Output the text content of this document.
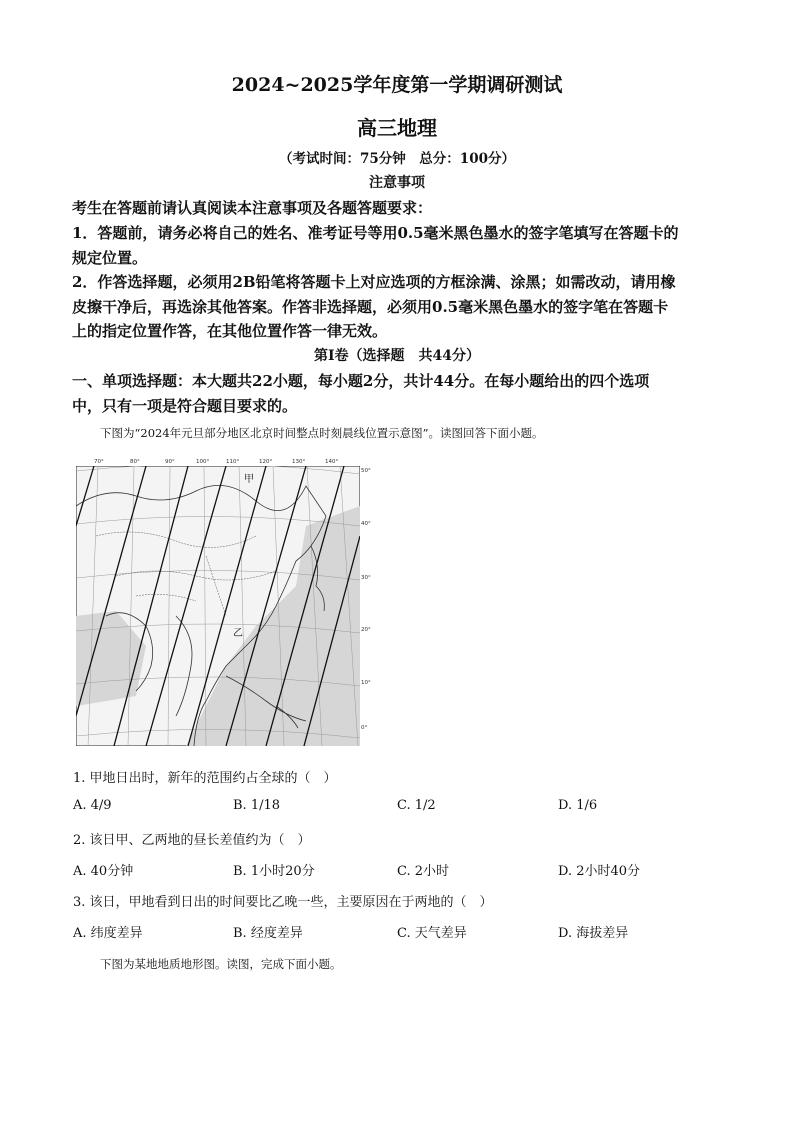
2024~2025学年度第一学期调研测试
高三地理
（考试时间：75分钟　总分：100分）
注意事项
考生在答题前请认真阅读本注意事项及各题答题要求：
1．答题前，请务必将自己的姓名、准考证号等用0.5毫米黑色墨水的签字笔填写在答题卡的
规定位置。
2．作答选择题，必须用2B铅笔将答题卡上对应选项的方框涂满、涂黑；如需改动，请用橡
皮擦干净后，再选涂其他答案。作答非选择题，必须用0.5毫米黑色墨水的签字笔在答题卡
上的指定位置作答，在其他位置作答一律无效。
第Ⅰ卷（选择题　共44分）
一、单项选择题：本大题共22小题，每小题2分，共计44分。在每小题给出的四个选项
中，只有一项是符合题目要求的。
下图为“2024年元旦部分地区北京时间整点时刻晨线位置示意图”。读图回答下面小题。
甲
乙
70°	80°	90°	100°	110°	120°	130°	140°
50°
40°
30°
20°
10°
0°
1. 甲地日出时，新年的范围约占全球的（　）
A. 4/9	B. 1/18	C. 1/2	D. 1/6
2. 该日甲、乙两地的昼长差值约为（　）
A. 40分钟	B. 1小时20分	C. 2小时	D. 2小时40分
3. 该日，甲地看到日出的时间要比乙晚一些，主要原因在于两地的（　）
A. 纬度差异	B. 经度差异	C. 天气差异	D. 海拔差异
下图为某地地质地形图。读图，完成下面小题。
